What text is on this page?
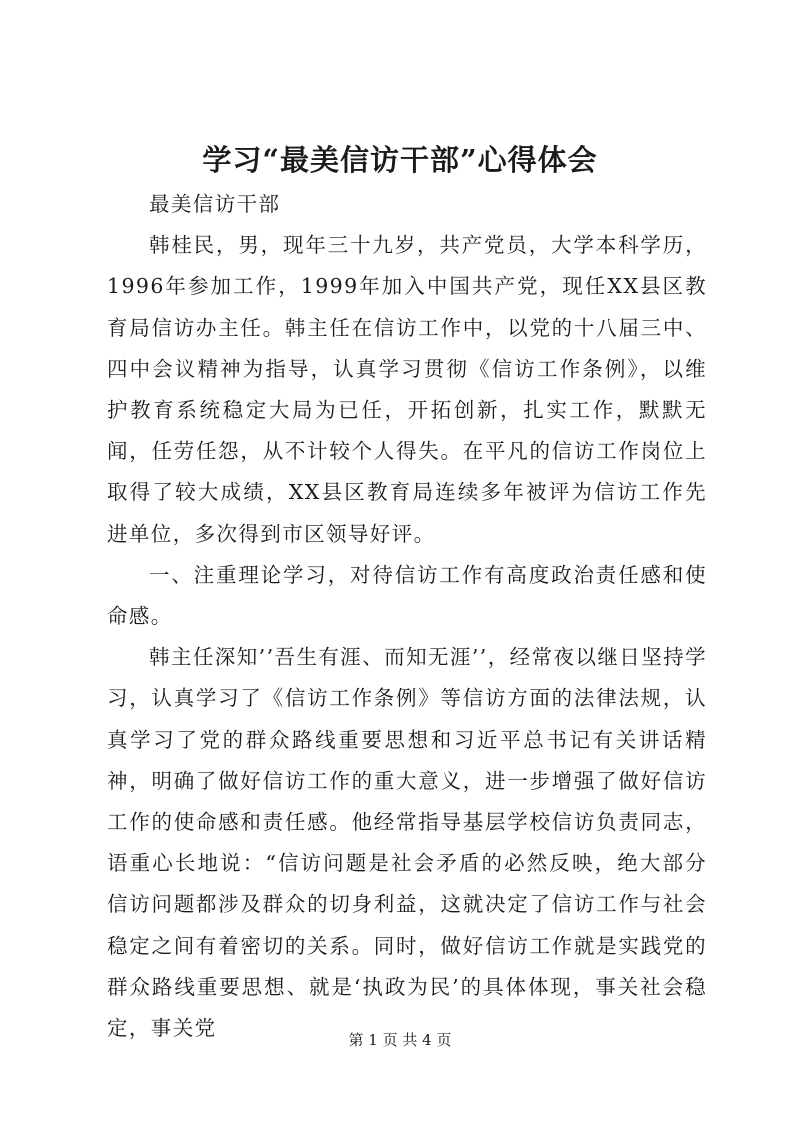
学习“最美信访干部”心得体会

最美信访干部

韩桂民，男，现年三十九岁，共产党员，大学本科学历，1996年参加工作，1999年加入中国共产党，现任XX县区教育局信访办主任。韩主任在信访工作中，以党的十八届三中、四中会议精神为指导，认真学习贯彻《信访工作条例》，以维护教育系统稳定大局为已任，开拓创新，扎实工作，默默无闻，任劳任怨，从不计较个人得失。在平凡的信访工作岗位上取得了较大成绩，XX县区教育局连续多年被评为信访工作先进单位，多次得到市区领导好评。

一、注重理论学习，对待信访工作有高度政治责任感和使命感。

韩主任深知’’吾生有涯、而知无涯’’，经常夜以继日坚持学习，认真学习了《信访工作条例》等信访方面的法律法规，认真学习了党的群众路线重要思想和习近平总书记有关讲话精神，明确了做好信访工作的重大意义，进一步增强了做好信访工作的使命感和责任感。他经常指导基层学校信访负责同志，语重心长地说：“信访问题是社会矛盾的必然反映，绝大部分信访问题都涉及群众的切身利益，这就决定了信访工作与社会稳定之间有着密切的关系。同时，做好信访工作就是实践党的群众路线重要思想、就是‘执政为民’的具体体现，事关社会稳定，事关党	第 1 页 共 4 页
